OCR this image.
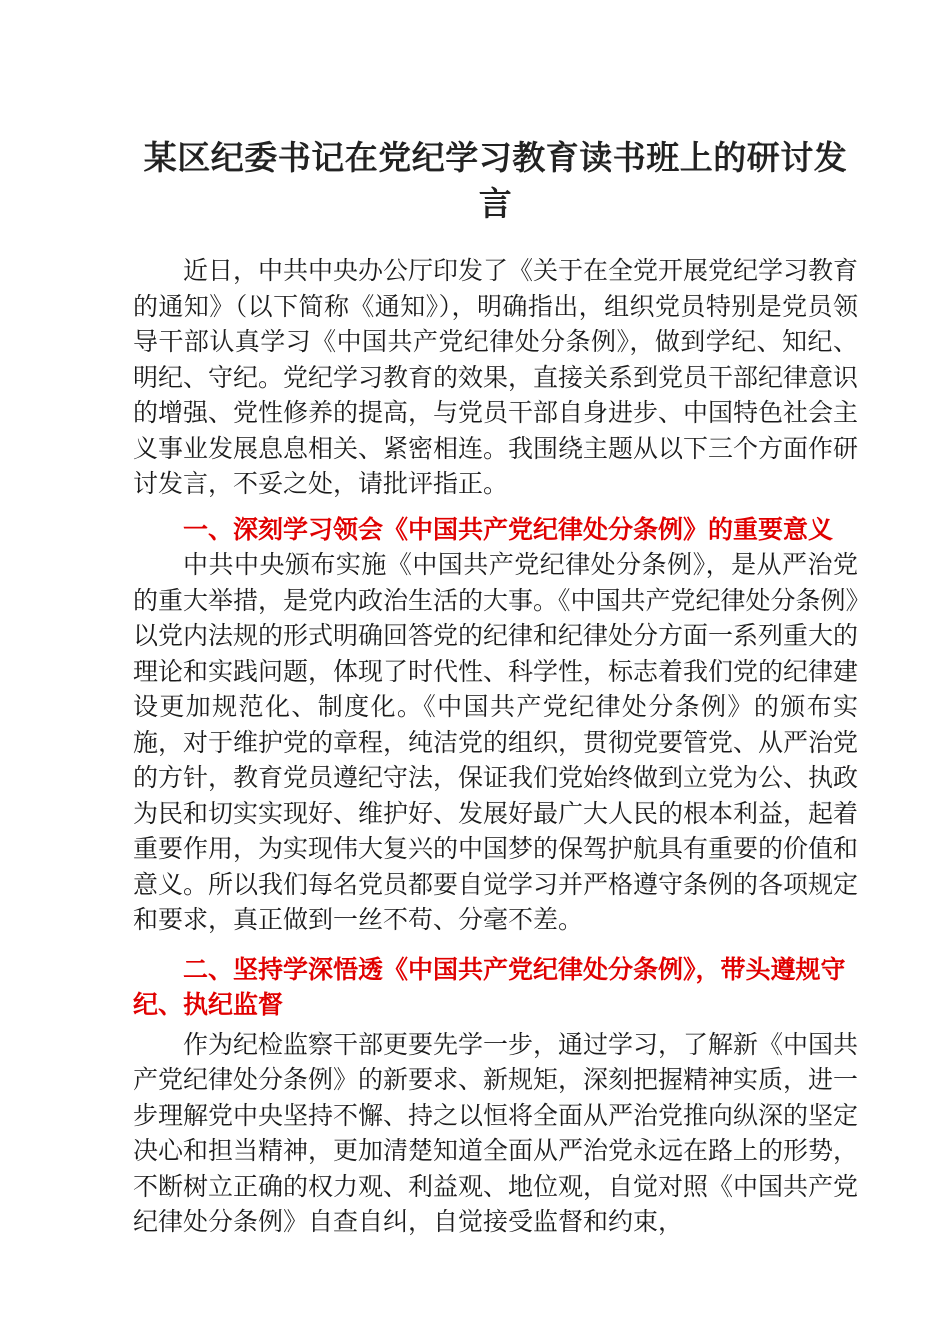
某区纪委书记在党纪学习教育读书班上的研讨发言

近日，中共中央办公厅印发了《关于在全党开展党纪学习教育的通知》（以下简称《通知》），明确指出，组织党员特别是党员领导干部认真学习《中国共产党纪律处分条例》，做到学纪、知纪、明纪、守纪。党纪学习教育的效果，直接关系到党员干部纪律意识的增强、党性修养的提高，与党员干部自身进步、中国特色社会主义事业发展息息相关、紧密相连。我围绕主题从以下三个方面作研讨发言，不妥之处，请批评指正。

一、深刻学习领会《中国共产党纪律处分条例》的重要意义

中共中央颁布实施《中国共产党纪律处分条例》，是从严治党的重大举措，是党内政治生活的大事。《中国共产党纪律处分条例》以党内法规的形式明确回答党的纪律和纪律处分方面一系列重大的理论和实践问题，体现了时代性、科学性，标志着我们党的纪律建设更加规范化、制度化。《中国共产党纪律处分条例》的颁布实施，对于维护党的章程，纯洁党的组织，贯彻党要管党、从严治党的方针，教育党员遵纪守法，保证我们党始终做到立党为公、执政为民和切实实现好、维护好、发展好最广大人民的根本利益，起着重要作用，为实现伟大复兴的中国梦的保驾护航具有重要的价值和意义。所以我们每名党员都要自觉学习并严格遵守条例的各项规定和要求，真正做到一丝不苟、分毫不差。

二、坚持学深悟透《中国共产党纪律处分条例》，带头遵规守纪、执纪监督

作为纪检监察干部更要先学一步，通过学习，了解新《中国共产党纪律处分条例》的新要求、新规矩，深刻把握精神实质，进一步理解党中央坚持不懈、持之以恒将全面从严治党推向纵深的坚定决心和担当精神，更加清楚知道全面从严治党永远在路上的形势，不断树立正确的权力观、利益观、地位观，自觉对照《中国共产党纪律处分条例》自查自纠，自觉接受监督和约束，
